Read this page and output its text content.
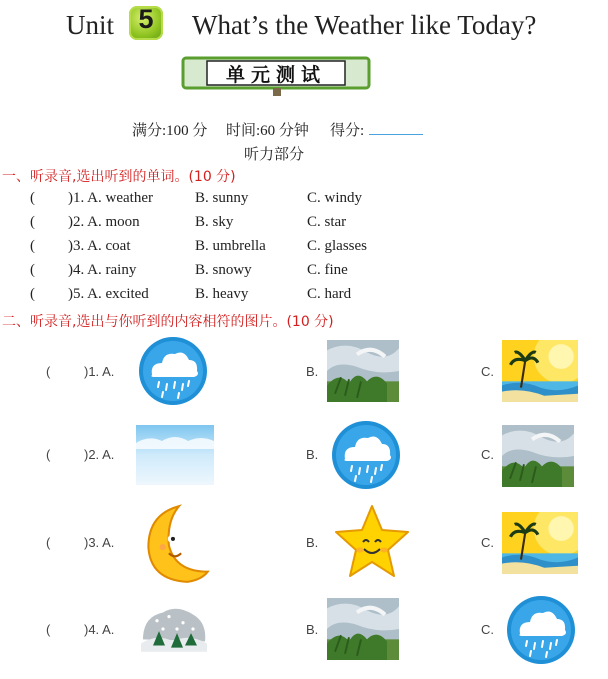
Unit 5	What’s the Weather like Today?
单元测试
满分:100 分 时间:60 分钟 得分:
听力部分
一、听录音,选出听到的单词。(10 分)
( )1. A. weather	B. sunny	C. windy
( )2. A. moon	B. sky	C. star
( )3. A. coat	B. umbrella	C. glasses
( )4. A. rainy	B. snowy	C. fine
( )5. A. excited	B. heavy	C. hard
二、听录音,选出与你听到的内容相符的图片。(10 分)
(	)1. A.	B.	C.
(	)2. A.	B.	C.
(	)3. A.	B.	C.
(	)4. A.	B.	C.
